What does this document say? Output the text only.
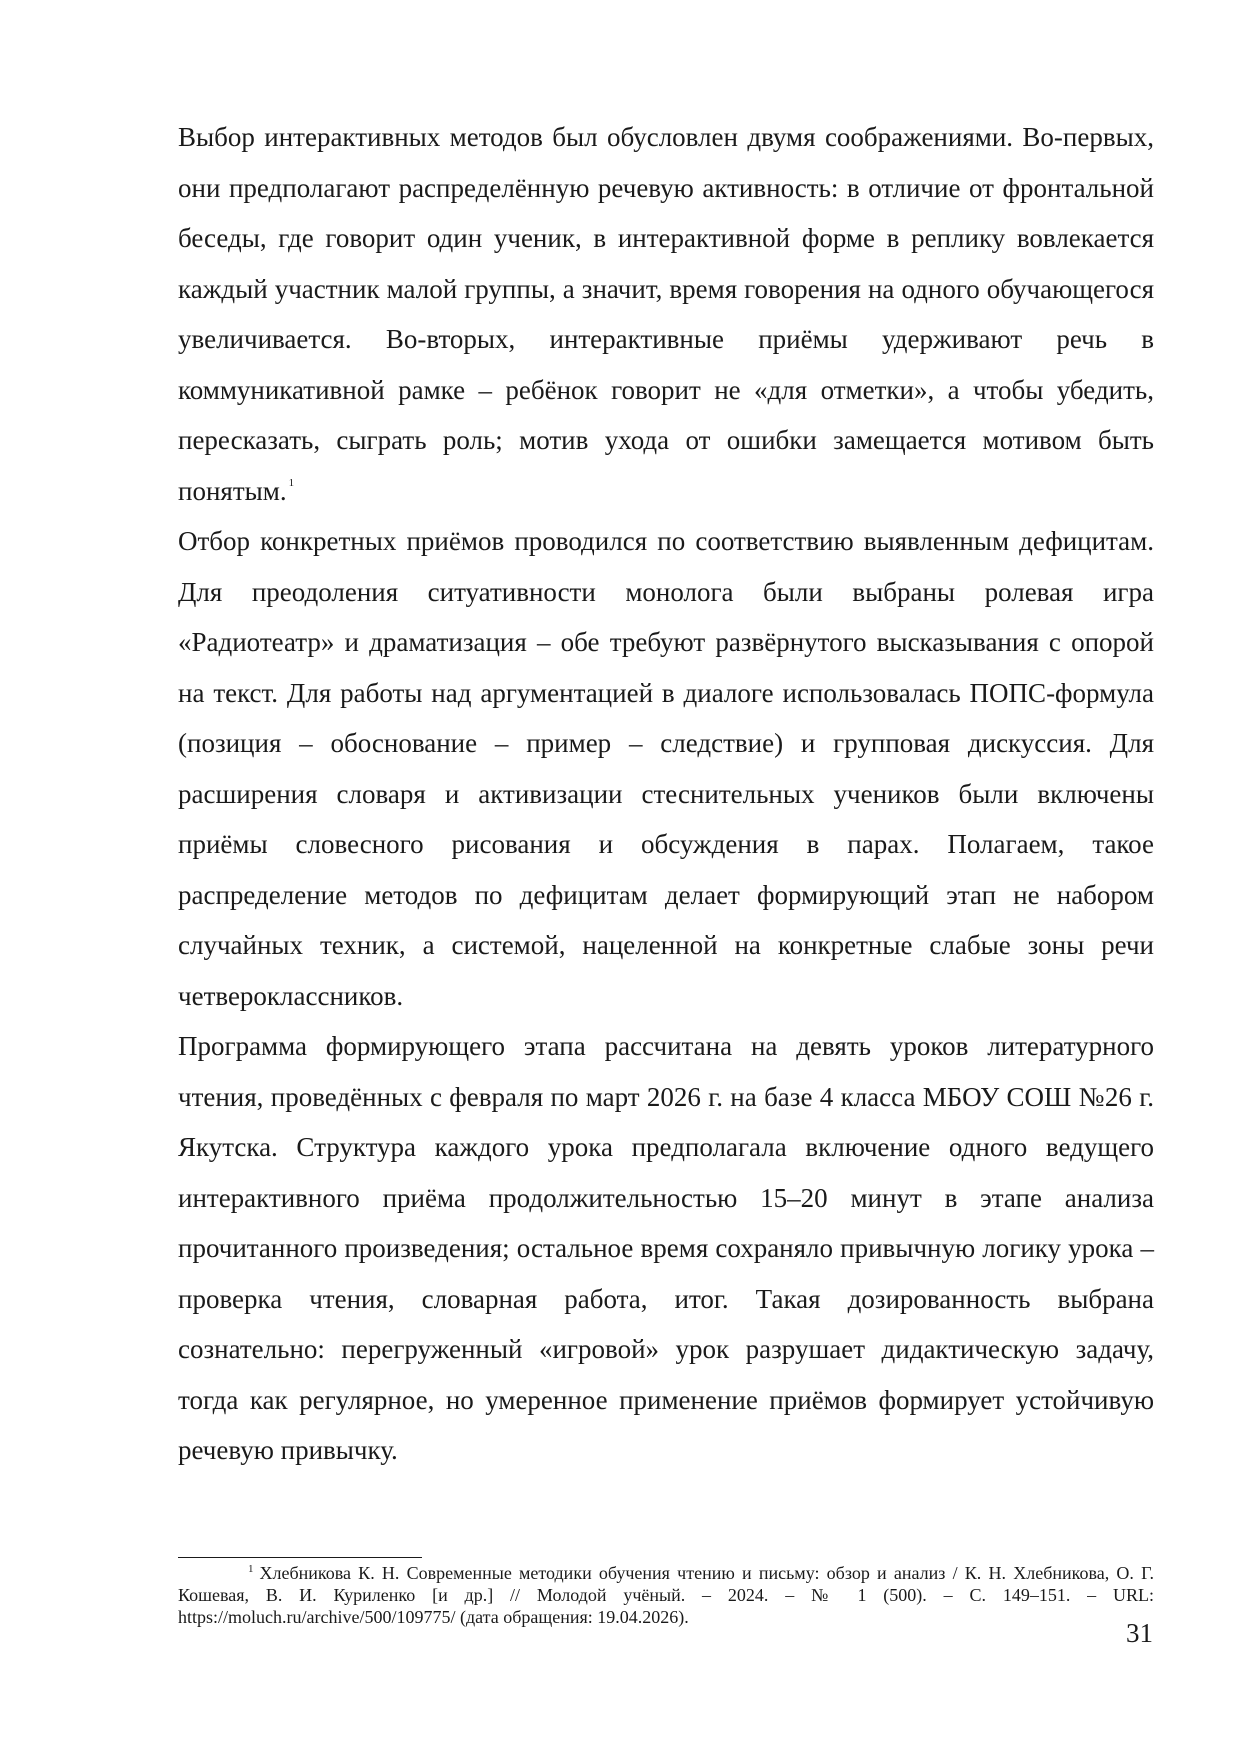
Выбор интерактивных методов был обусловлен двумя соображениями. Во-первых, они предполагают распределённую речевую активность: в отличие от фронтальной беседы, где говорит один ученик, в интерактивной форме в реплику вовлекается каждый участник малой группы, а значит, время говорения на одного обучающегося увеличивается. Во-вторых, интерактивные приёмы удерживают речь в коммуникативной рамке – ребёнок говорит не «для отметки», а чтобы убедить, пересказать, сыграть роль; мотив ухода от ошибки замещается мотивом быть понятым. $^1$

Отбор конкретных приёмов проводился по соответствию выявленным дефицитам. Для преодоления ситуативности монолога были выбраны ролевая игра «Радиотеатр» и драматизация – обе требуют развёрнутого высказывания с опорой на текст. Для работы над аргументацией в диалоге использовалась ПОПС-формула (позиция – обоснование – пример – следствие) и групповая дискуссия. Для расширения словаря и активизации стеснительных учеников были включены приёмы словесного рисования и обсуждения в парах. Полагаем, такое распределение методов по дефицитам делает формирующий этап не набором случайных техник, а системой, нацеленной на конкретные слабые зоны речи четвероклассников.

Программа формирующего этапа рассчитана на девять уроков литературного чтения, проведённых с февраля по март 2026 г. на базе 4 класса МБОУ СОШ №26 г. Якутска. Структура каждого урока предполагала включение одного ведущего интерактивного приёма продолжительностью 15–20 минут в этапе анализа прочитанного произведения; остальное время сохраняло привычную логику урока – проверка чтения, словарная работа, итог. Такая дозированность выбрана сознательно: перегруженный «игровой» урок разрушает дидактическую задачу, тогда как регулярное, но умеренное применение приёмов формирует устойчивую речевую привычку.

$^1$ Хлебникова К. Н. Современные методики обучения чтению и письму: обзор и анализ / К. Н. Хлебникова, О. Г. Кошевая, В. И. Куриленко [и др.] // Молодой учёный. – 2024. – № 1 (500). – С. 149–151. – URL: https://moluch.ru/archive/500/109775/ (дата обращения: 19.04.2026).

31
